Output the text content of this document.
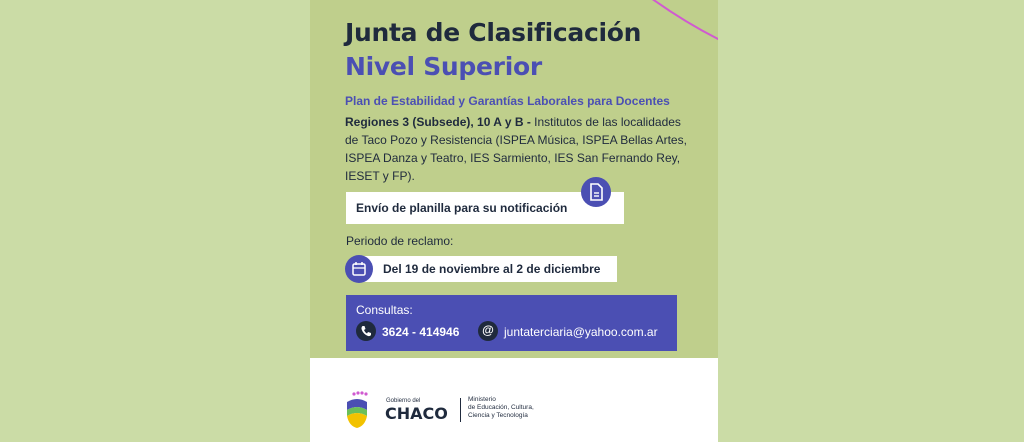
Junta de Clasificación
Nivel Superior
Plan de Estabilidad y Garantías Laborales para Docentes
Regiones 3 (Subsede), 10 A y B - Institutos de las localidades de Taco Pozo y Resistencia (ISPEA Música, ISPEA Bellas Artes, ISPEA Danza y Teatro, IES Sarmiento, IES San Fernando Rey, IESET y FP).
Envío de planilla para su notificación
Periodo de reclamo:
Del 19 de noviembre al 2 de diciembre
Consultas:
3624 - 414946	@ juntaterciaria@yahoo.com.ar
Gobierno del
CHACO
Ministerio
de Educación, Cultura,
Ciencia y Tecnología
